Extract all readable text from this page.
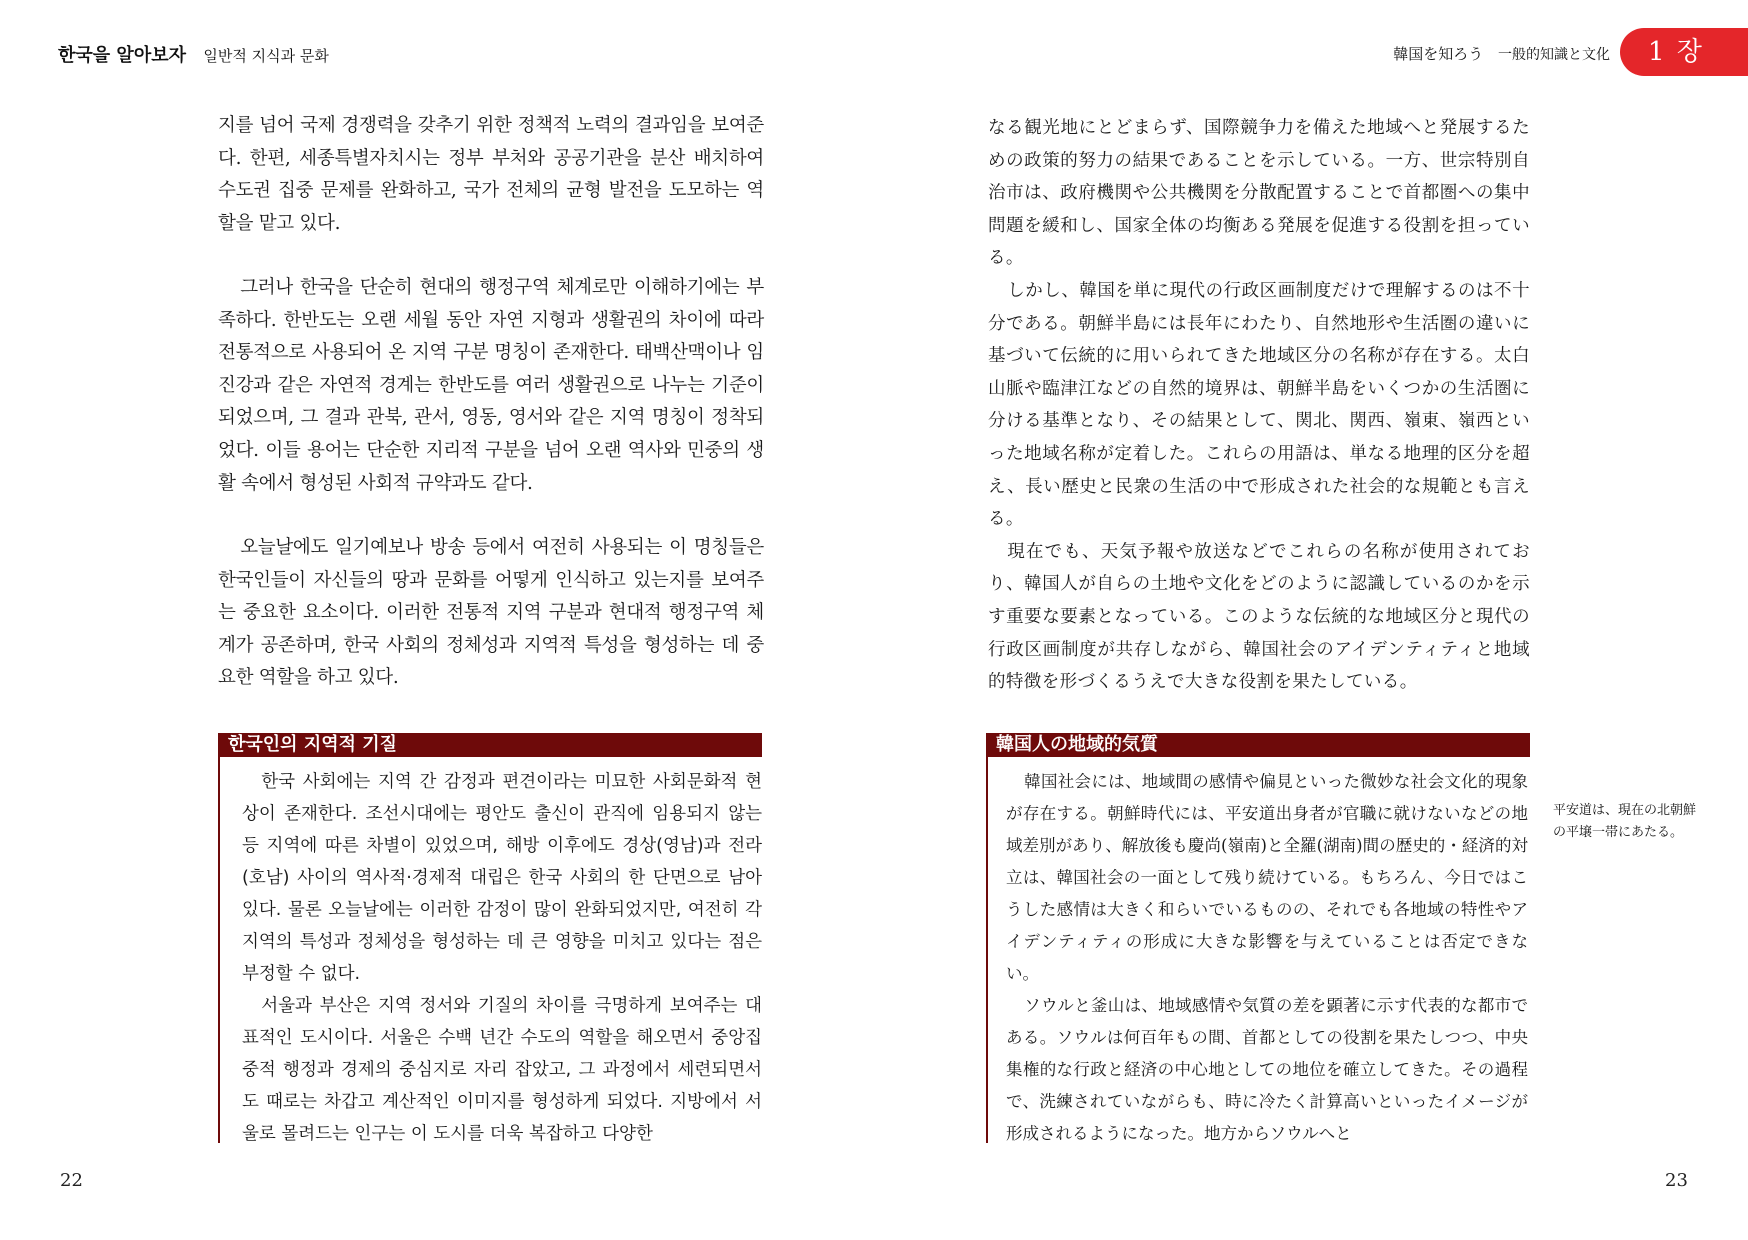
한국을 알아보자 일반적 지식과 문화	韓国を知ろう 一般的知識と文化	1 장

지를 넘어 국제 경쟁력을 갖추기 위한 정책적 노력의 결과임을 보여준다. 한편, 세종특별자치시는 정부 부처와 공공기관을 분산 배치하여 수도권 집중 문제를 완화하고, 국가 전체의 균형 발전을 도모하는 역할을 맡고 있다.

그러나 한국을 단순히 현대의 행정구역 체계로만 이해하기에는 부족하다. 한반도는 오랜 세월 동안 자연 지형과 생활권의 차이에 따라 전통적으로 사용되어 온 지역 구분 명칭이 존재한다. 태백산맥이나 임진강과 같은 자연적 경계는 한반도를 여러 생활권으로 나누는 기준이 되었으며, 그 결과 관북, 관서, 영동, 영서와 같은 지역 명칭이 정착되었다. 이들 용어는 단순한 지리적 구분을 넘어 오랜 역사와 민중의 생활 속에서 형성된 사회적 규약과도 같다.

오늘날에도 일기예보나 방송 등에서 여전히 사용되는 이 명칭들은 한국인들이 자신들의 땅과 문화를 어떻게 인식하고 있는지를 보여주는 중요한 요소이다. 이러한 전통적 지역 구분과 현대적 행정구역 체계가 공존하며, 한국 사회의 정체성과 지역적 특성을 형성하는 데 중요한 역할을 하고 있다.

한국인의 지역적 기질

한국 사회에는 지역 간 감정과 편견이라는 미묘한 사회문화적 현상이 존재한다. 조선시대에는 평안도 출신이 관직에 임용되지 않는 등 지역에 따른 차별이 있었으며, 해방 이후에도 경상(영남)과 전라(호남) 사이의 역사적·경제적 대립은 한국 사회의 한 단면으로 남아 있다. 물론 오늘날에는 이러한 감정이 많이 완화되었지만, 여전히 각 지역의 특성과 정체성을 형성하는 데 큰 영향을 미치고 있다는 점은 부정할 수 없다.

서울과 부산은 지역 정서와 기질의 차이를 극명하게 보여주는 대표적인 도시이다. 서울은 수백 년간 수도의 역할을 해오면서 중앙집중적 행정과 경제의 중심지로 자리 잡았고, 그 과정에서 세련되면서도 때로는 차갑고 계산적인 이미지를 형성하게 되었다. 지방에서 서울로 몰려드는 인구는 이 도시를 더욱 복잡하고 다양한

なる観光地にとどまらず、国際競争力を備えた地域へと発展するための政策的努力の結果であることを示している。一方、世宗特別自治市は、政府機関や公共機関を分散配置することで首都圏への集中問題を緩和し、国家全体の均衡ある発展を促進する役割を担っている。

しかし、韓国を単に現代の行政区画制度だけで理解するのは不十分である。朝鮮半島には長年にわたり、自然地形や生活圏の違いに基づいて伝統的に用いられてきた地域区分の名称が存在する。太白山脈や臨津江などの自然的境界は、朝鮮半島をいくつかの生活圏に分ける基準となり、その結果として、関北、関西、嶺東、嶺西といった地域名称が定着した。これらの用語は、単なる地理的区分を超え、長い歴史と民衆の生活の中で形成された社会的な規範とも言える。

現在でも、天気予報や放送などでこれらの名称が使用されており、韓国人が自らの土地や文化をどのように認識しているのかを示す重要な要素となっている。このような伝統的な地域区分と現代の行政区画制度が共存しながら、韓国社会のアイデンティティと地域的特徴を形づくるうえで大きな役割を果たしている。

韓国人の地域的気質

韓国社会には、地域間の感情や偏見といった微妙な社会文化的現象が存在する。朝鮮時代には、平安道出身者が官職に就けないなどの地域差別があり、解放後も慶尚(嶺南)と全羅(湖南)間の歴史的・経済的対立は、韓国社会の一面として残り続けている。もちろん、今日ではこうした感情は大きく和らいでいるものの、それでも各地域の特性やアイデンティティの形成に大きな影響を与えていることは否定できない。

ソウルと釜山は、地域感情や気質の差を顕著に示す代表的な都市である。ソウルは何百年もの間、首都としての役割を果たしつつ、中央集権的な行政と経済の中心地としての地位を確立してきた。その過程で、洗練されていながらも、時に冷たく計算高いといったイメージが形成されるようになった。地方からソウルへと

平安道は、現在の北朝鮮の平壌一帯にあたる。
22	23
